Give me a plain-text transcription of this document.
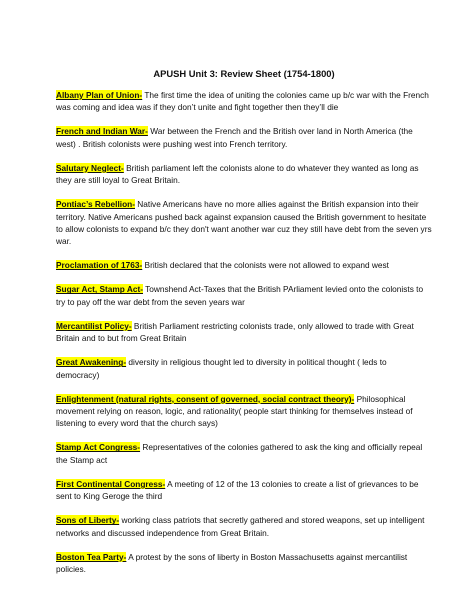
APUSH Unit 3: Review Sheet (1754-1800)
Albany Plan of Union- The first time the idea of uniting the colonies came up b/c war with the French was coming and idea was if they don’t unite and fight together then they’ll die
French and Indian War- War between the French and the British over land in North America (the west) . British colonists were pushing west into French territory.
Salutary Neglect- British parliament left the colonists alone to do whatever they wanted as long as they are still loyal to Great Britain.
Pontiac’s Rebellion- Native Americans have no more allies against the British expansion into their territory. Native Americans pushed back against expansion caused the British government to hesitate to allow colonists to expand b/c they don't want another war cuz they still have debt from the seven yrs war.
Proclamation of 1763- British declared that the colonists were not allowed to expand west
Sugar Act, Stamp Act- Townshend Act-Taxes that the British PArliament levied onto the colonists to try to pay off the war debt from the seven years war
Mercantilist Policy- British Parliament restricting colonists trade, only allowed to trade with Great Britain and to but from Great Britain
Great Awakening- diversity in religious thought led to diversity in political thought ( leds to democracy)
Enlightenment (natural rights, consent of governed, social contract theory)- Philosophical movement relying on reason, logic, and rationality( people start thinking for themselves instead of listening to every word that the church says)
Stamp Act Congress- Representatives of the colonies gathered to ask the king and officially repeal the Stamp act
First Continental Congress- A meeting of 12 of the 13 colonies to create a list of grievances to be sent to King Geroge the third
Sons of Liberty- working class patriots that secretly gathered and stored weapons, set up intelligent networks and discussed independence from Great Britain.
Boston Tea Party- A protest by the sons of liberty in Boston Massachusetts against mercantilist policies.
